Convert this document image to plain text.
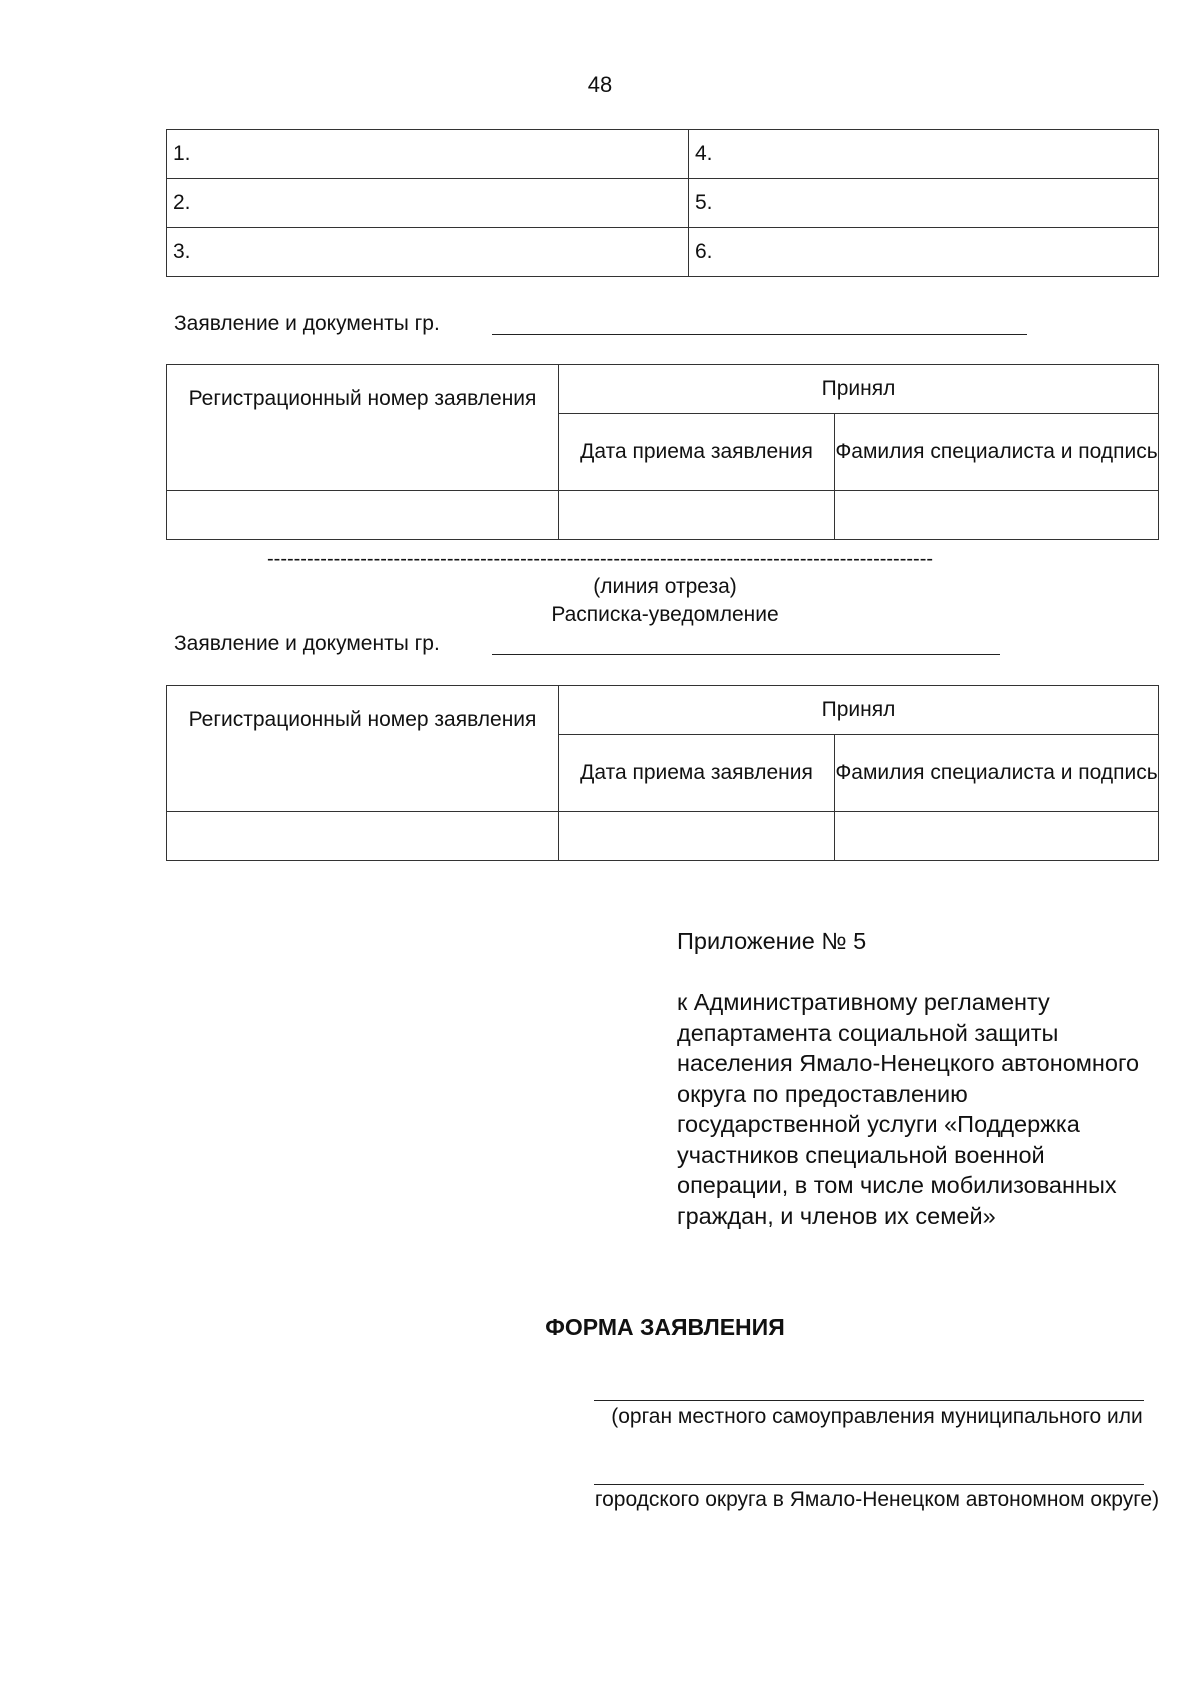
48
1.	4.
2.	5.
3.	6.
Заявление и документы гр.
Регистрационный номер заявления	Принял	
	Дата приема заявления	Фамилия специалиста и подпись

----------------------------------------------------------------------------------------------------
(линия отреза)
Расписка-уведомление
Заявление и документы гр.
Регистрационный номер заявления	Принял	
	Дата приема заявления	Фамилия специалиста и подпись

Приложение № 5
к Административному регламенту департамента социальной защиты населения Ямало-Ненецкого автономного округа по предоставлению государственной услуги «Поддержка участников специальной военной операции, в том числе мобилизованных граждан, и членов их семей»
ФОРМА ЗАЯВЛЕНИЯ
(орган местного самоуправления муниципального или
городского округа в Ямало-Ненецком автономном округе)
